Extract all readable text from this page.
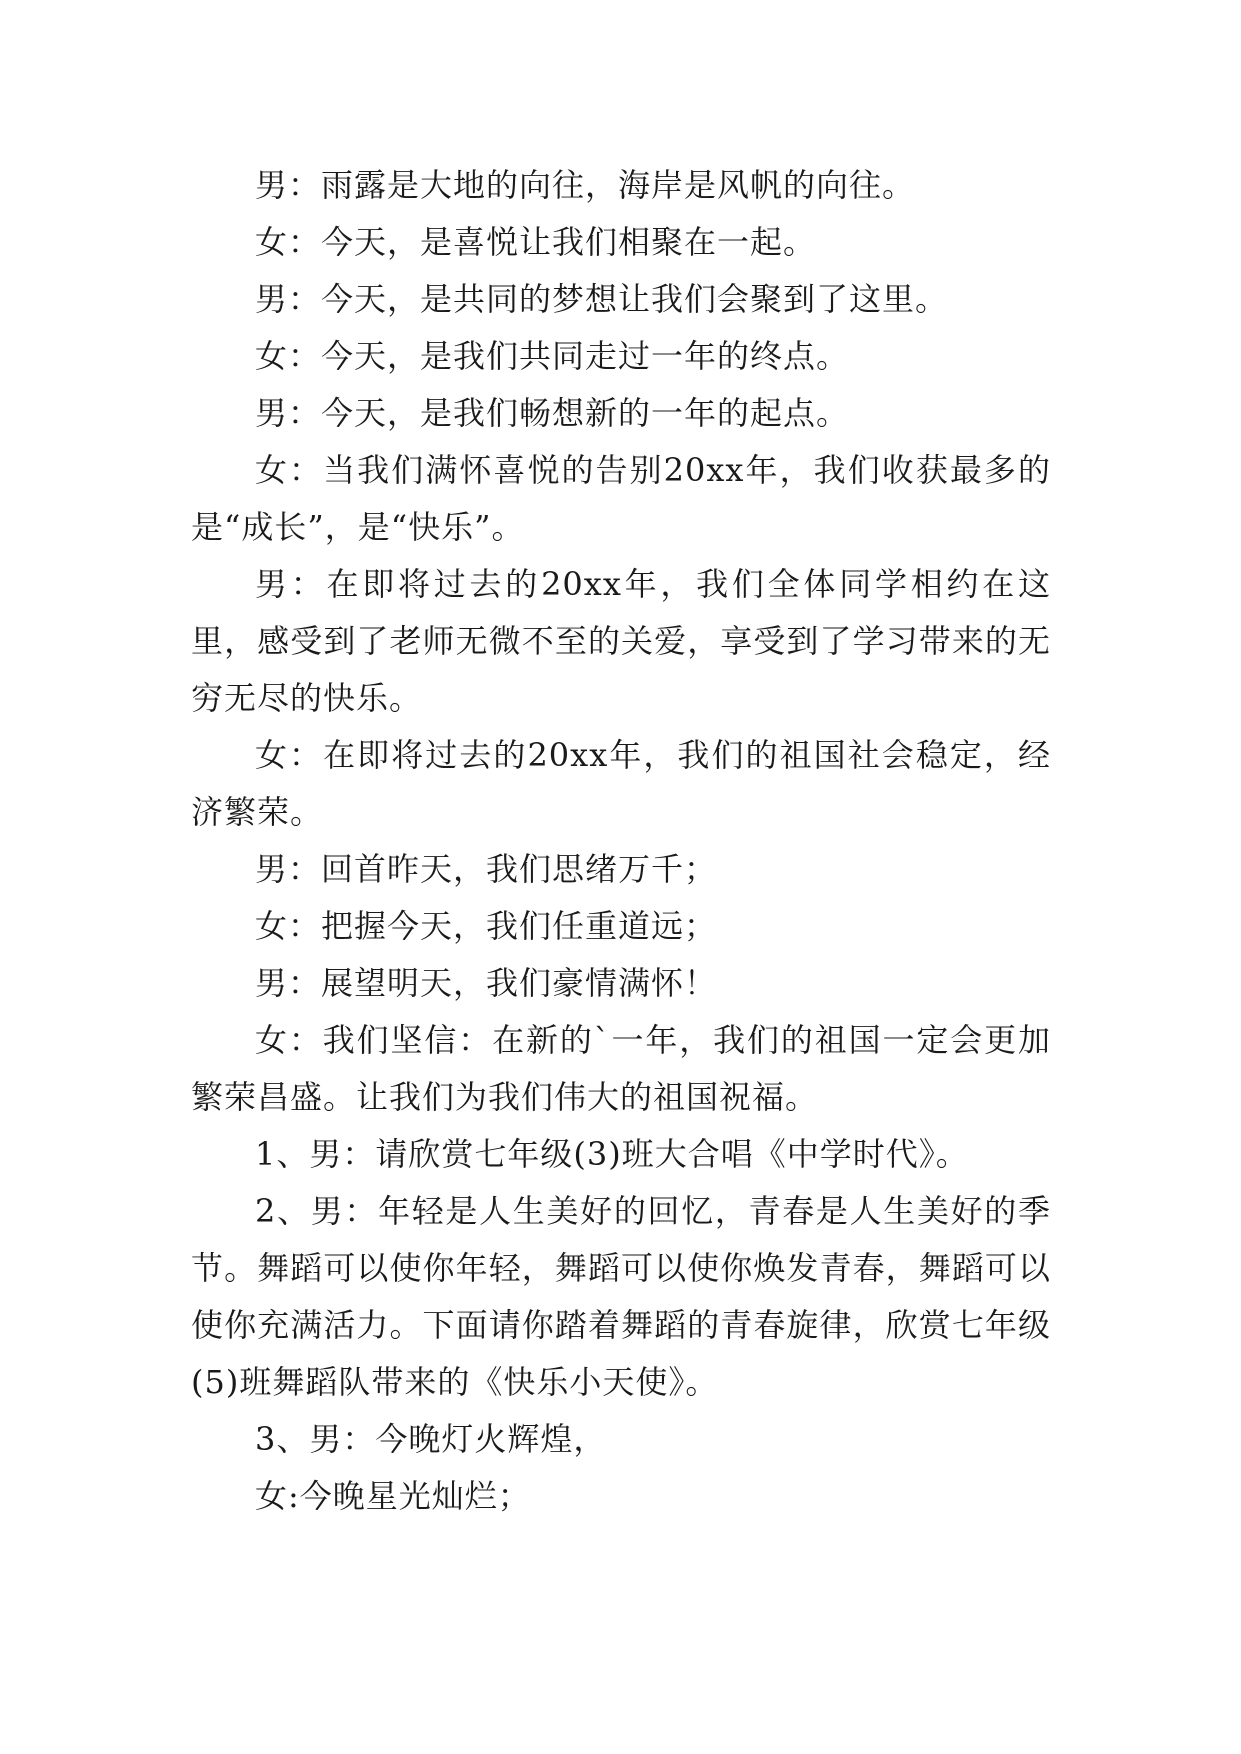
男：雨露是大地的向往，海岸是风帆的向往。

女：今天，是喜悦让我们相聚在一起。

男：今天，是共同的梦想让我们会聚到了这里。

女：今天，是我们共同走过一年的终点。

男：今天，是我们畅想新的一年的起点。

女：当我们满怀喜悦的告别20xx年，我们收获最多的是“成长”，是“快乐”。

男：在即将过去的20xx年，我们全体同学相约在这里，感受到了老师无微不至的关爱，享受到了学习带来的无穷无尽的快乐。

女：在即将过去的20xx年，我们的祖国社会稳定，经济繁荣。

男：回首昨天，我们思绪万千；

女：把握今天，我们任重道远；

男：展望明天，我们豪情满怀！

女：我们坚信：在新的`一年，我们的祖国一定会更加繁荣昌盛。让我们为我们伟大的祖国祝福。

1、男：请欣赏七年级(3)班大合唱《中学时代》。

2、男：年轻是人生美好的回忆，青春是人生美好的季节。舞蹈可以使你年轻，舞蹈可以使你焕发青春，舞蹈可以使你充满活力。下面请你踏着舞蹈的青春旋律，欣赏七年级(5)班舞蹈队带来的《快乐小天使》。

3、男：今晚灯火辉煌，

女:今晚星光灿烂；
